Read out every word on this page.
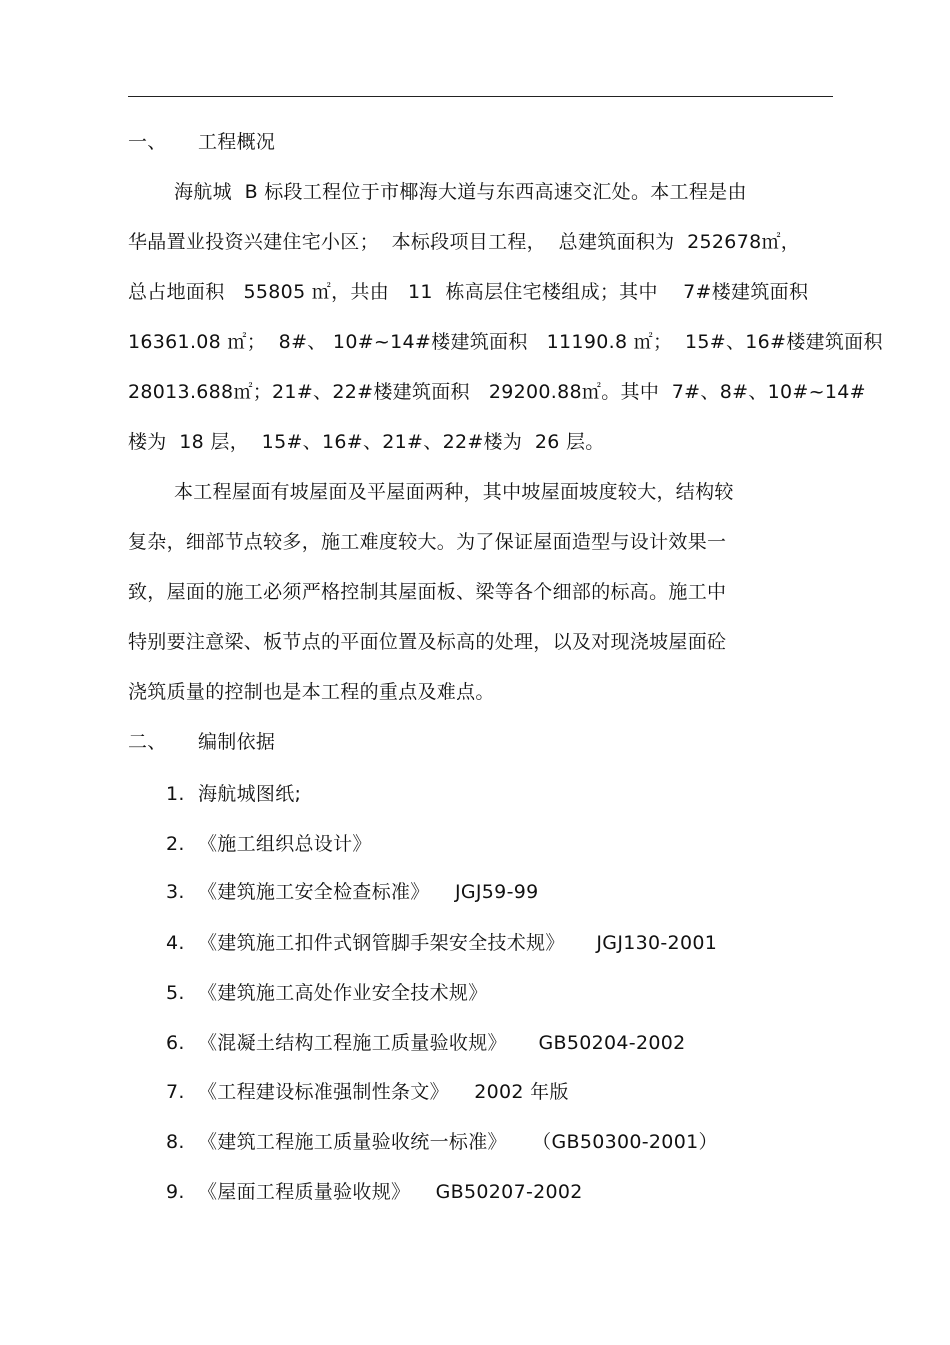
一、 工程概况
海航城  B 标段工程位于市椰海大道与东西高速交汇处。本工程是由
华晶置业投资兴建住宅小区；  本标段项目工程，  总建筑面积为  252678㎡，
总占地面积   55805 ㎡，共由   11  栋高层住宅楼组成；其中    7#楼建筑面积
16361.08 ㎡；  8#、 10#~14#楼建筑面积   11190.8 ㎡；  15#、16#楼建筑面积
28013.688㎡；21#、22#楼建筑面积   29200.88㎡。其中  7#、8#、10#~14#
楼为  18 层，  15#、16#、21#、22#楼为  26 层。
本工程屋面有坡屋面及平屋面两种，其中坡屋面坡度较大，结构较
复杂，细部节点较多，施工难度较大。为了保证屋面造型与设计效果一
致，屋面的施工必须严格控制其屋面板、梁等各个细部的标高。施工中
特别要注意梁、板节点的平面位置及标高的处理，以及对现浇坡屋面砼
浇筑质量的控制也是本工程的重点及难点。
二、 编制依据
1. 海航城图纸;
2. 《施工组织总设计》
3. 《建筑施工安全检查标准》    JGJ59-99
4. 《建筑施工扣件式钢管脚手架安全技术规》     JGJ130-2001
5. 《建筑施工高处作业安全技术规》
6. 《混凝土结构工程施工质量验收规》     GB50204-2002
7. 《工程建设标准强制性条文》    2002 年版
8. 《建筑工程施工质量验收统一标准》    （GB50300-2001）
9. 《屋面工程质量验收规》    GB50207-2002
